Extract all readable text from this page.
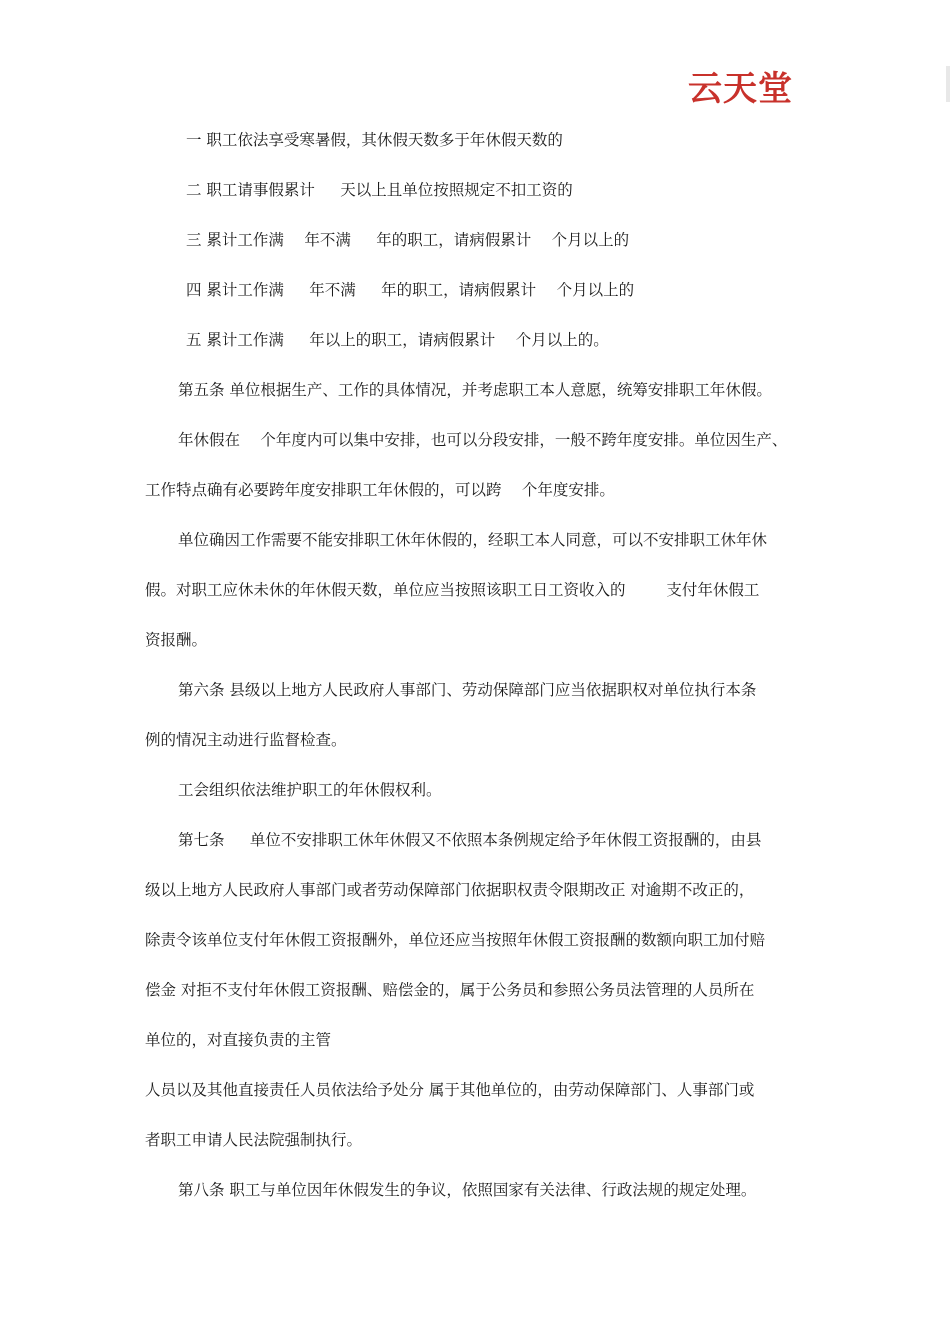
云天堂
一 职工依法享受寒暑假，其休假天数多于年休假天数的
二 职工请事假累计 　 天以上且单位按照规定不扣工资的
三 累计工作满 　年不满 　 年的职工，请病假累计 　个月以上的
四 累计工作满 　 年不满 　 年的职工，请病假累计 　个月以上的
五 累计工作满 　 年以上的职工，请病假累计 　个月以上的。
第五条 单位根据生产、工作的具体情况，并考虑职工本人意愿，统筹安排职工年休假。
年休假在 　个年度内可以集中安排，也可以分段安排，一般不跨年度安排。单位因生产、
工作特点确有必要跨年度安排职工年休假的，可以跨 　个年度安排。
单位确因工作需要不能安排职工休年休假的，经职工本人同意，可以不安排职工休年休
假。对职工应休未休的年休假天数，单位应当按照该职工日工资收入的 　　 支付年休假工
资报酬。
第六条 县级以上地方人民政府人事部门、劳动保障部门应当依据职权对单位执行本条
例的情况主动进行监督检查。
工会组织依法维护职工的年休假权利。
第七条 　 单位不安排职工休年休假又不依照本条例规定给予年休假工资报酬的，由县
级以上地方人民政府人事部门或者劳动保障部门依据职权责令限期改正 对逾期不改正的，
除责令该单位支付年休假工资报酬外，单位还应当按照年休假工资报酬的数额向职工加付赔
偿金 对拒不支付年休假工资报酬、赔偿金的，属于公务员和参照公务员法管理的人员所在
单位的，对直接负责的主管
人员以及其他直接责任人员依法给予处分 属于其他单位的，由劳动保障部门、人事部门或
者职工申请人民法院强制执行。
第八条 职工与单位因年休假发生的争议，依照国家有关法律、行政法规的规定处理。
